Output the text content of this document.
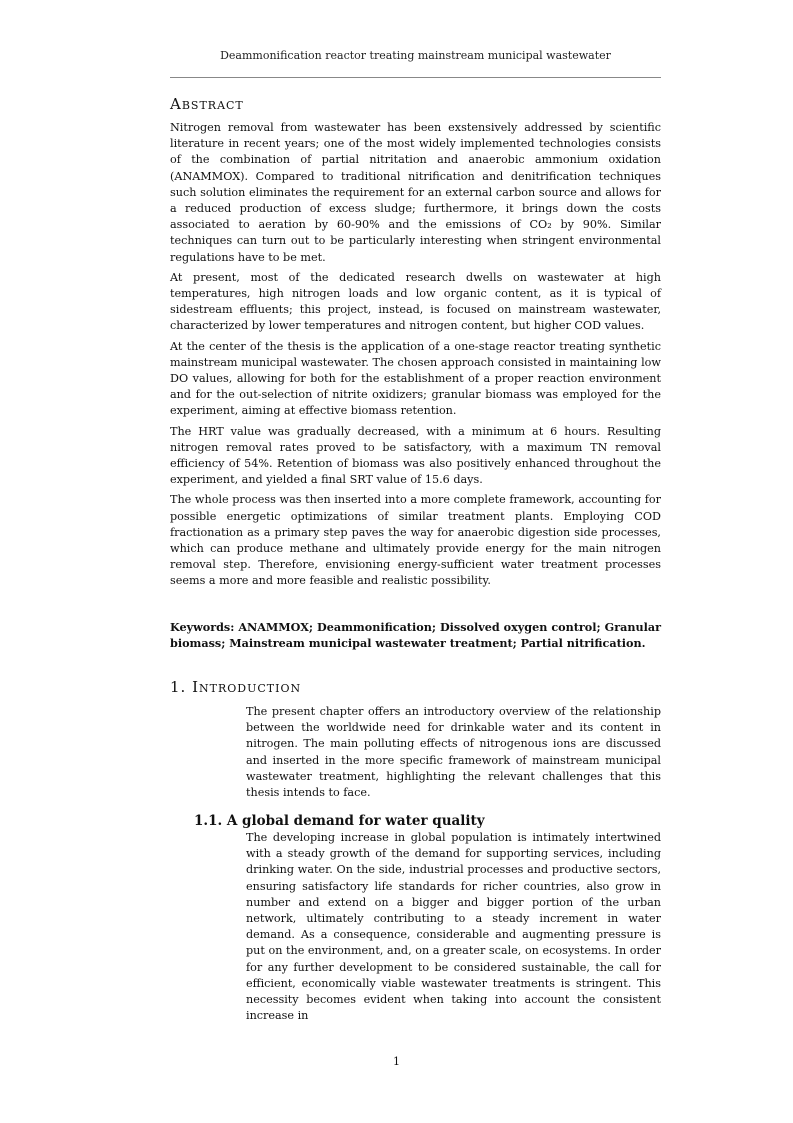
Deammonification reactor treating mainstream municipal wastewater
Abstract

Nitrogen removal from wastewater has been exstensively addressed by scientific literature in recent years; one of the most widely implemented technologies consists of the combination of partial nitritation and anaerobic ammonium oxidation (ANAMMOX). Compared to traditional nitrification and denitrification techniques such solution eliminates the requirement for an external carbon source and allows for a reduced production of excess sludge; furthermore, it brings down the costs associated to aeration by 60-90% and the emissions of CO₂ by 90%. Similar techniques can turn out to be particularly interesting when stringent environmental regulations have to be met.

At present, most of the dedicated research dwells on wastewater at high temperatures, high nitrogen loads and low organic content, as it is typical of sidestream effluents; this project, instead, is focused on mainstream wastewater, characterized by lower temperatures and nitrogen content, but higher COD values.

At the center of the thesis is the application of a one-stage reactor treating synthetic mainstream municipal wastewater. The chosen approach consisted in maintaining low DO values, allowing for both for the establishment of a proper reaction environment and for the out-selection of nitrite oxidizers; granular biomass was employed for the experiment, aiming at effective biomass retention.

The HRT value was gradually decreased, with a minimum at 6 hours. Resulting nitrogen removal rates proved to be satisfactory, with a maximum TN removal efficiency of 54%. Retention of biomass was also positively enhanced throughout the experiment, and yielded a final SRT value of 15.6 days.

The whole process was then inserted into a more complete framework, accounting for possible energetic optimizations of similar treatment plants. Employing COD fractionation as a primary step paves the way for anaerobic digestion side processes, which can produce methane and ultimately provide energy for the main nitrogen removal step. Therefore, envisioning energy-sufficient water treatment processes seems a more and more feasible and realistic possibility.

Keywords: ANAMMOX; Deammonification; Dissolved oxygen control; Granular biomass; Mainstream municipal wastewater treatment; Partial nitrification.
1. Introduction

The present chapter offers an introductory overview of the relationship between the worldwide need for drinkable water and its content in nitrogen. The main polluting effects of nitrogenous ions are discussed and inserted in the more specific framework of mainstream municipal wastewater treatment, highlighting the relevant challenges that this thesis intends to face.

1.1. A global demand for water quality

The developing increase in global population is intimately intertwined with a steady growth of the demand for supporting services, including drinking water. On the side, industrial processes and productive sectors, ensuring satisfactory life standards for richer countries, also grow in number and extend on a bigger and bigger portion of the urban network, ultimately contributing to a steady increment in water demand. As a consequence, considerable and augmenting pressure is put on the environment, and, on a greater scale, on ecosystems. In order for any further development to be considered sustainable, the call for efficient, economically viable wastewater treatments is stringent. This necessity becomes evident when taking into account the consistent increase in

1
